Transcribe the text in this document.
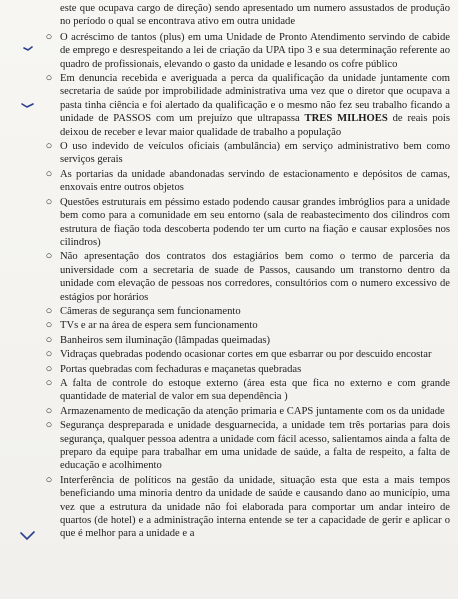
este que ocupava cargo de direção) sendo apresentado um numero assustados de produção no período o qual se encontrava ativo em outra unidade

○ O acréscimo de tantos (plus) em uma Unidade de Pronto Atendimento servindo de cabide de emprego e desrespeitando a lei de criação da UPA tipo 3 e sua determinação referente ao quadro de profissionais, elevando o gasto da unidade e lesando os cofre público
○ Em denuncia recebida e averiguada a perca da qualificação da unidade juntamente com secretaria de saúde por improbilidade administrativa uma vez que o diretor que ocupava a pasta tinha ciência e foi alertado da qualificação e o mesmo não fez seu trabalho ficando a unidade de PASSOS com um prejuízo que ultrapassa TRES MILHOES de reais pois deixou de receber e levar maior qualidade de trabalho a população
○ O uso indevido de veículos oficiais (ambulância) em serviço administrativo bem como serviços gerais
○ As portarias da unidade abandonadas servindo de estacionamento e depósitos de camas, enxovais entre outros objetos
○ Questões estruturais em péssimo estado podendo causar grandes imbróglios para a unidade bem como para a comunidade em seu entorno (sala de reabastecimento dos cilindros com estrutura de fiação toda descoberta podendo ter um curto na fiação e causar explosões nos cilindros)
○ Não apresentação dos contratos dos estagiários bem como o termo de parceria da universidade com a secretaria de suade de Passos, causando um transtorno dentro da unidade com elevação de pessoas nos corredores, consultórios com o numero excessivo de estágios por horários
○ Câmeras de segurança sem funcionamento
○ TVs e ar na área de espera sem funcionamento
○ Banheiros sem iluminação (lâmpadas queimadas)
○ Vidraças quebradas podendo ocasionar cortes em que esbarrar ou por descuido encostar
○ Portas quebradas com fechaduras e maçanetas quebradas
○ A falta de controle do estoque externo (área esta que fica no externo e com grande quantidade de material de valor em sua dependência )
○ Armazenamento de medicação da atenção primaria e CAPS juntamente com os da unidade
○ Segurança despreparada e unidade desguarnecida, a unidade tem três portarias para dois segurança, qualquer pessoa adentra a unidade com fácil acesso, salientamos ainda a falta de preparo da equipe para trabalhar em uma unidade de saúde, a falta de respeito, a falta de educação e acolhimento
○ Interferência de políticos na gestão da unidade, situação esta que esta a mais tempos beneficiando uma minoria dentro da unidade de saúde e causando dano ao município, uma vez que a estrutura da unidade não foi elaborada para comportar um andar inteiro de quartos (de hotel) e a administração interna entende se ter a capacidade de gerir e aplicar o que é melhor para a unidade e a
